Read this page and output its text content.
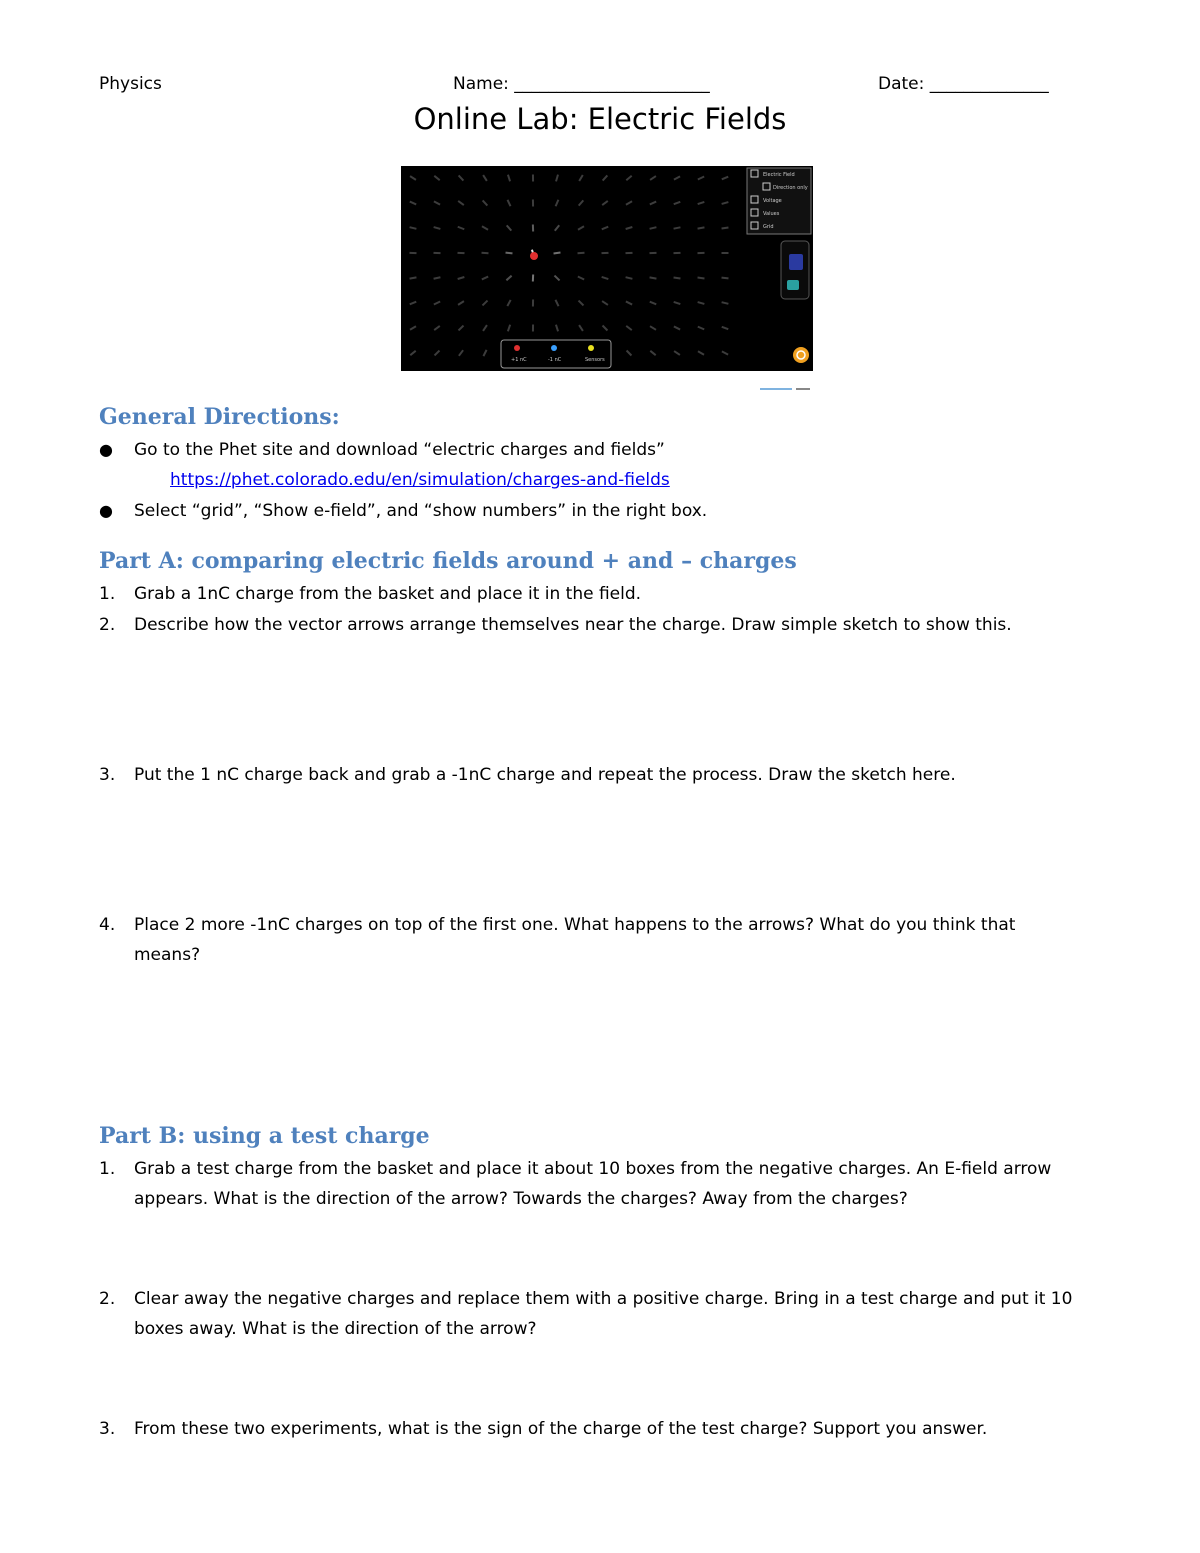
Physics	Name: _______________________	Date: ______________
Online Lab: Electric Fields
Electric Field
Direction only
Voltage
Values
Grid
+1 nC	-1 nC	Sensors
General Directions:
● Go to the Phet site and download “electric charges and fields”
https://phet.colorado.edu/en/simulation/charges-and-fields
● Select “grid”, “Show e-field”, and “show numbers” in the right box.
Part A: comparing electric fields around + and – charges
1. Grab a 1nC charge from the basket and place it in the field.
2. Describe how the vector arrows arrange themselves near the charge. Draw simple sketch to show this.
3. Put the 1 nC charge back and grab a -1nC charge and repeat the process. Draw the sketch here.
4. Place 2 more -1nC charges on top of the first one. What happens to the arrows? What do you think that means?
Part B: using a test charge
1. Grab a test charge from the basket and place it about 10 boxes from the negative charges. An E-field arrow appears. What is the direction of the arrow? Towards the charges? Away from the charges?
2. Clear away the negative charges and replace them with a positive charge. Bring in a test charge and put it 10 boxes away. What is the direction of the arrow?
3. From these two experiments, what is the sign of the charge of the test charge? Support you answer.
